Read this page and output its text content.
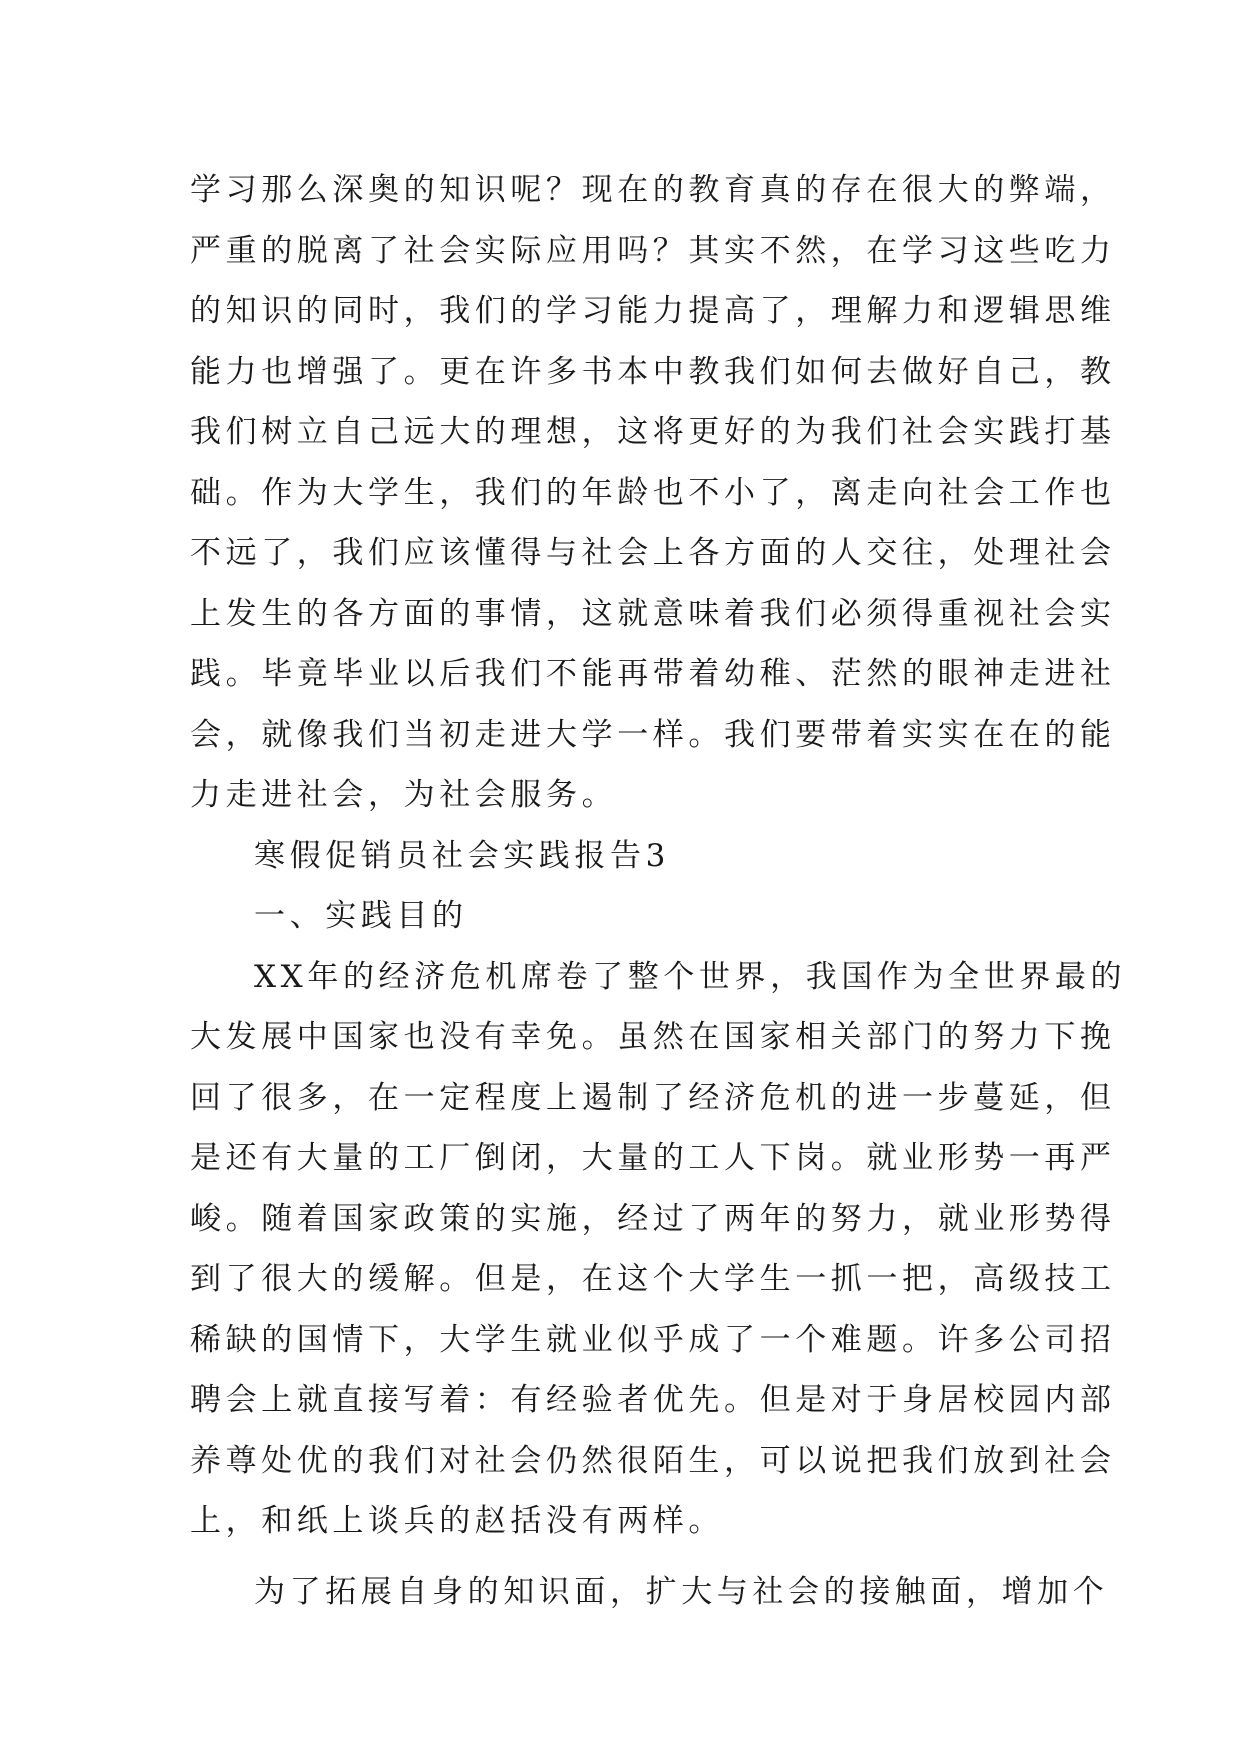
学习那么深奥的知识呢？现在的教育真的存在很大的弊端，
严重的脱离了社会实际应用吗？其实不然，在学习这些吃力
的知识的同时，我们的学习能力提高了，理解力和逻辑思维
能力也增强了。更在许多书本中教我们如何去做好自己，教
我们树立自己远大的理想，这将更好的为我们社会实践打基
础。作为大学生，我们的年龄也不小了，离走向社会工作也
不远了，我们应该懂得与社会上各方面的人交往，处理社会
上发生的各方面的事情，这就意味着我们必须得重视社会实
践。毕竟毕业以后我们不能再带着幼稚、茫然的眼神走进社
会，就像我们当初走进大学一样。我们要带着实实在在的能
力走进社会，为社会服务。
寒假促销员社会实践报告3
一、实践目的
XX年的经济危机席卷了整个世界，我国作为全世界最的
大发展中国家也没有幸免。虽然在国家相关部门的努力下挽
回了很多，在一定程度上遏制了经济危机的进一步蔓延，但
是还有大量的工厂倒闭，大量的工人下岗。就业形势一再严
峻。随着国家政策的实施，经过了两年的努力，就业形势得
到了很大的缓解。但是，在这个大学生一抓一把，高级技工
稀缺的国情下，大学生就业似乎成了一个难题。许多公司招
聘会上就直接写着：有经验者优先。但是对于身居校园内部
养尊处优的我们对社会仍然很陌生，可以说把我们放到社会
上，和纸上谈兵的赵括没有两样。
为了拓展自身的知识面，扩大与社会的接触面，增加个
